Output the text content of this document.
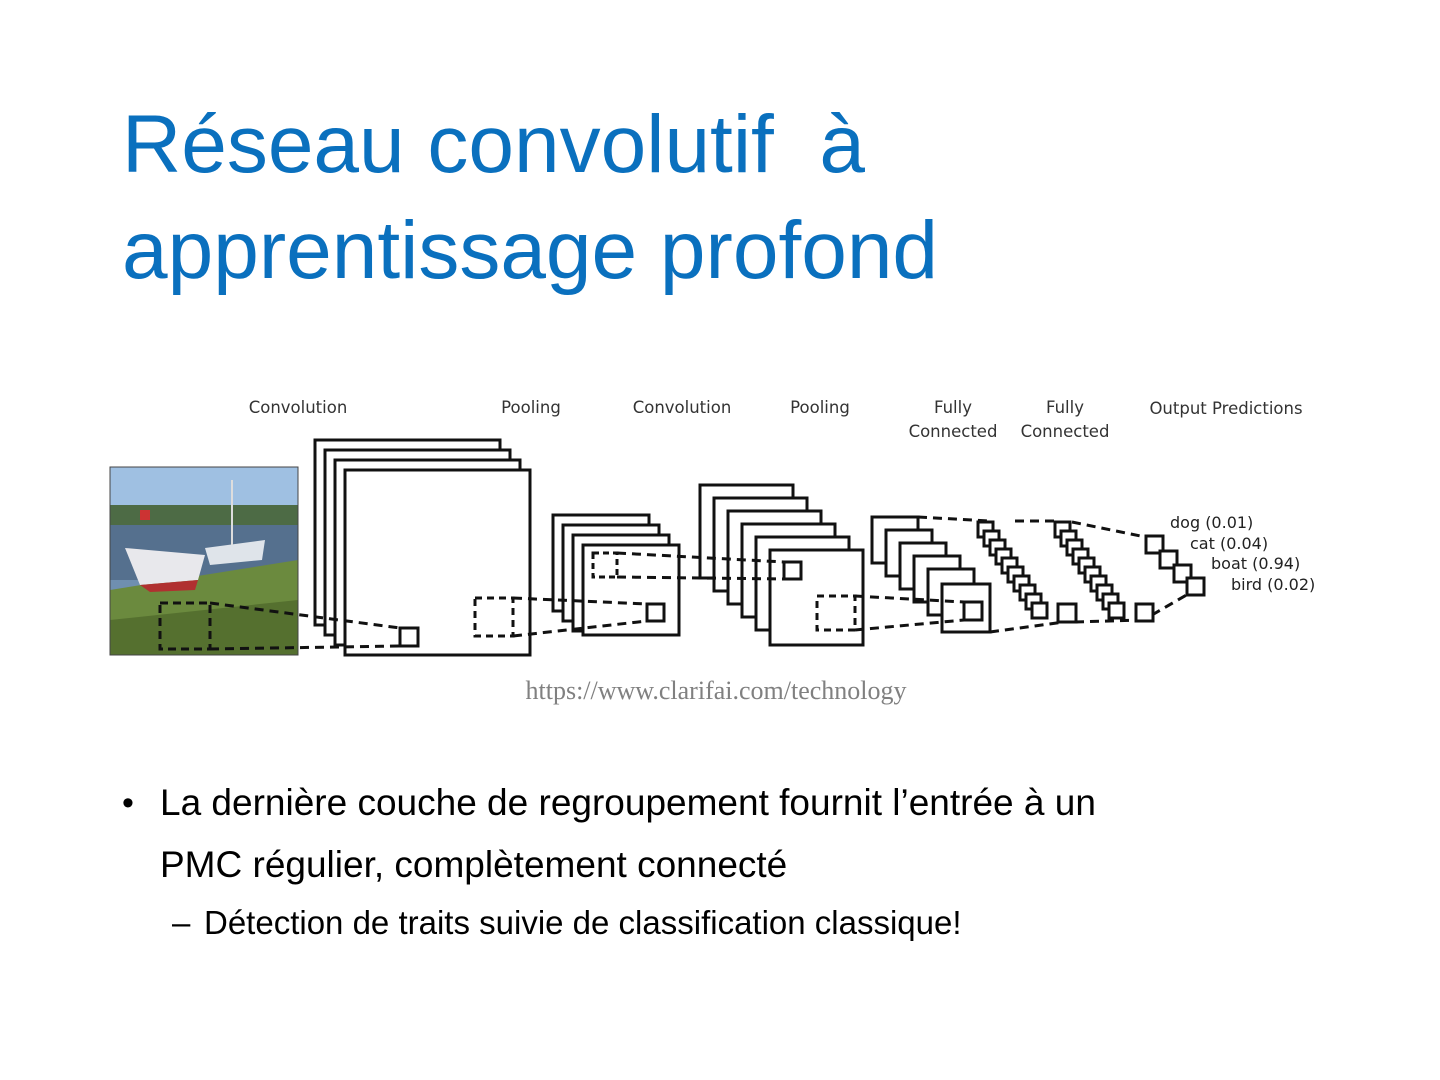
Réseau convolutif  à
apprentissage profond
Convolution	Pooling	Convolution	Pooling	Fully
Connected
Fully
Connected
Output Predictions
dog (0.01)
cat (0.04)
boat (0.94)
bird (0.02)
https://www.clarifai.com/technology
• La dernière couche de regroupement fournit l’entrée à un
PMC régulier, complètement connecté
– Détection de traits suivie de classification classique!
